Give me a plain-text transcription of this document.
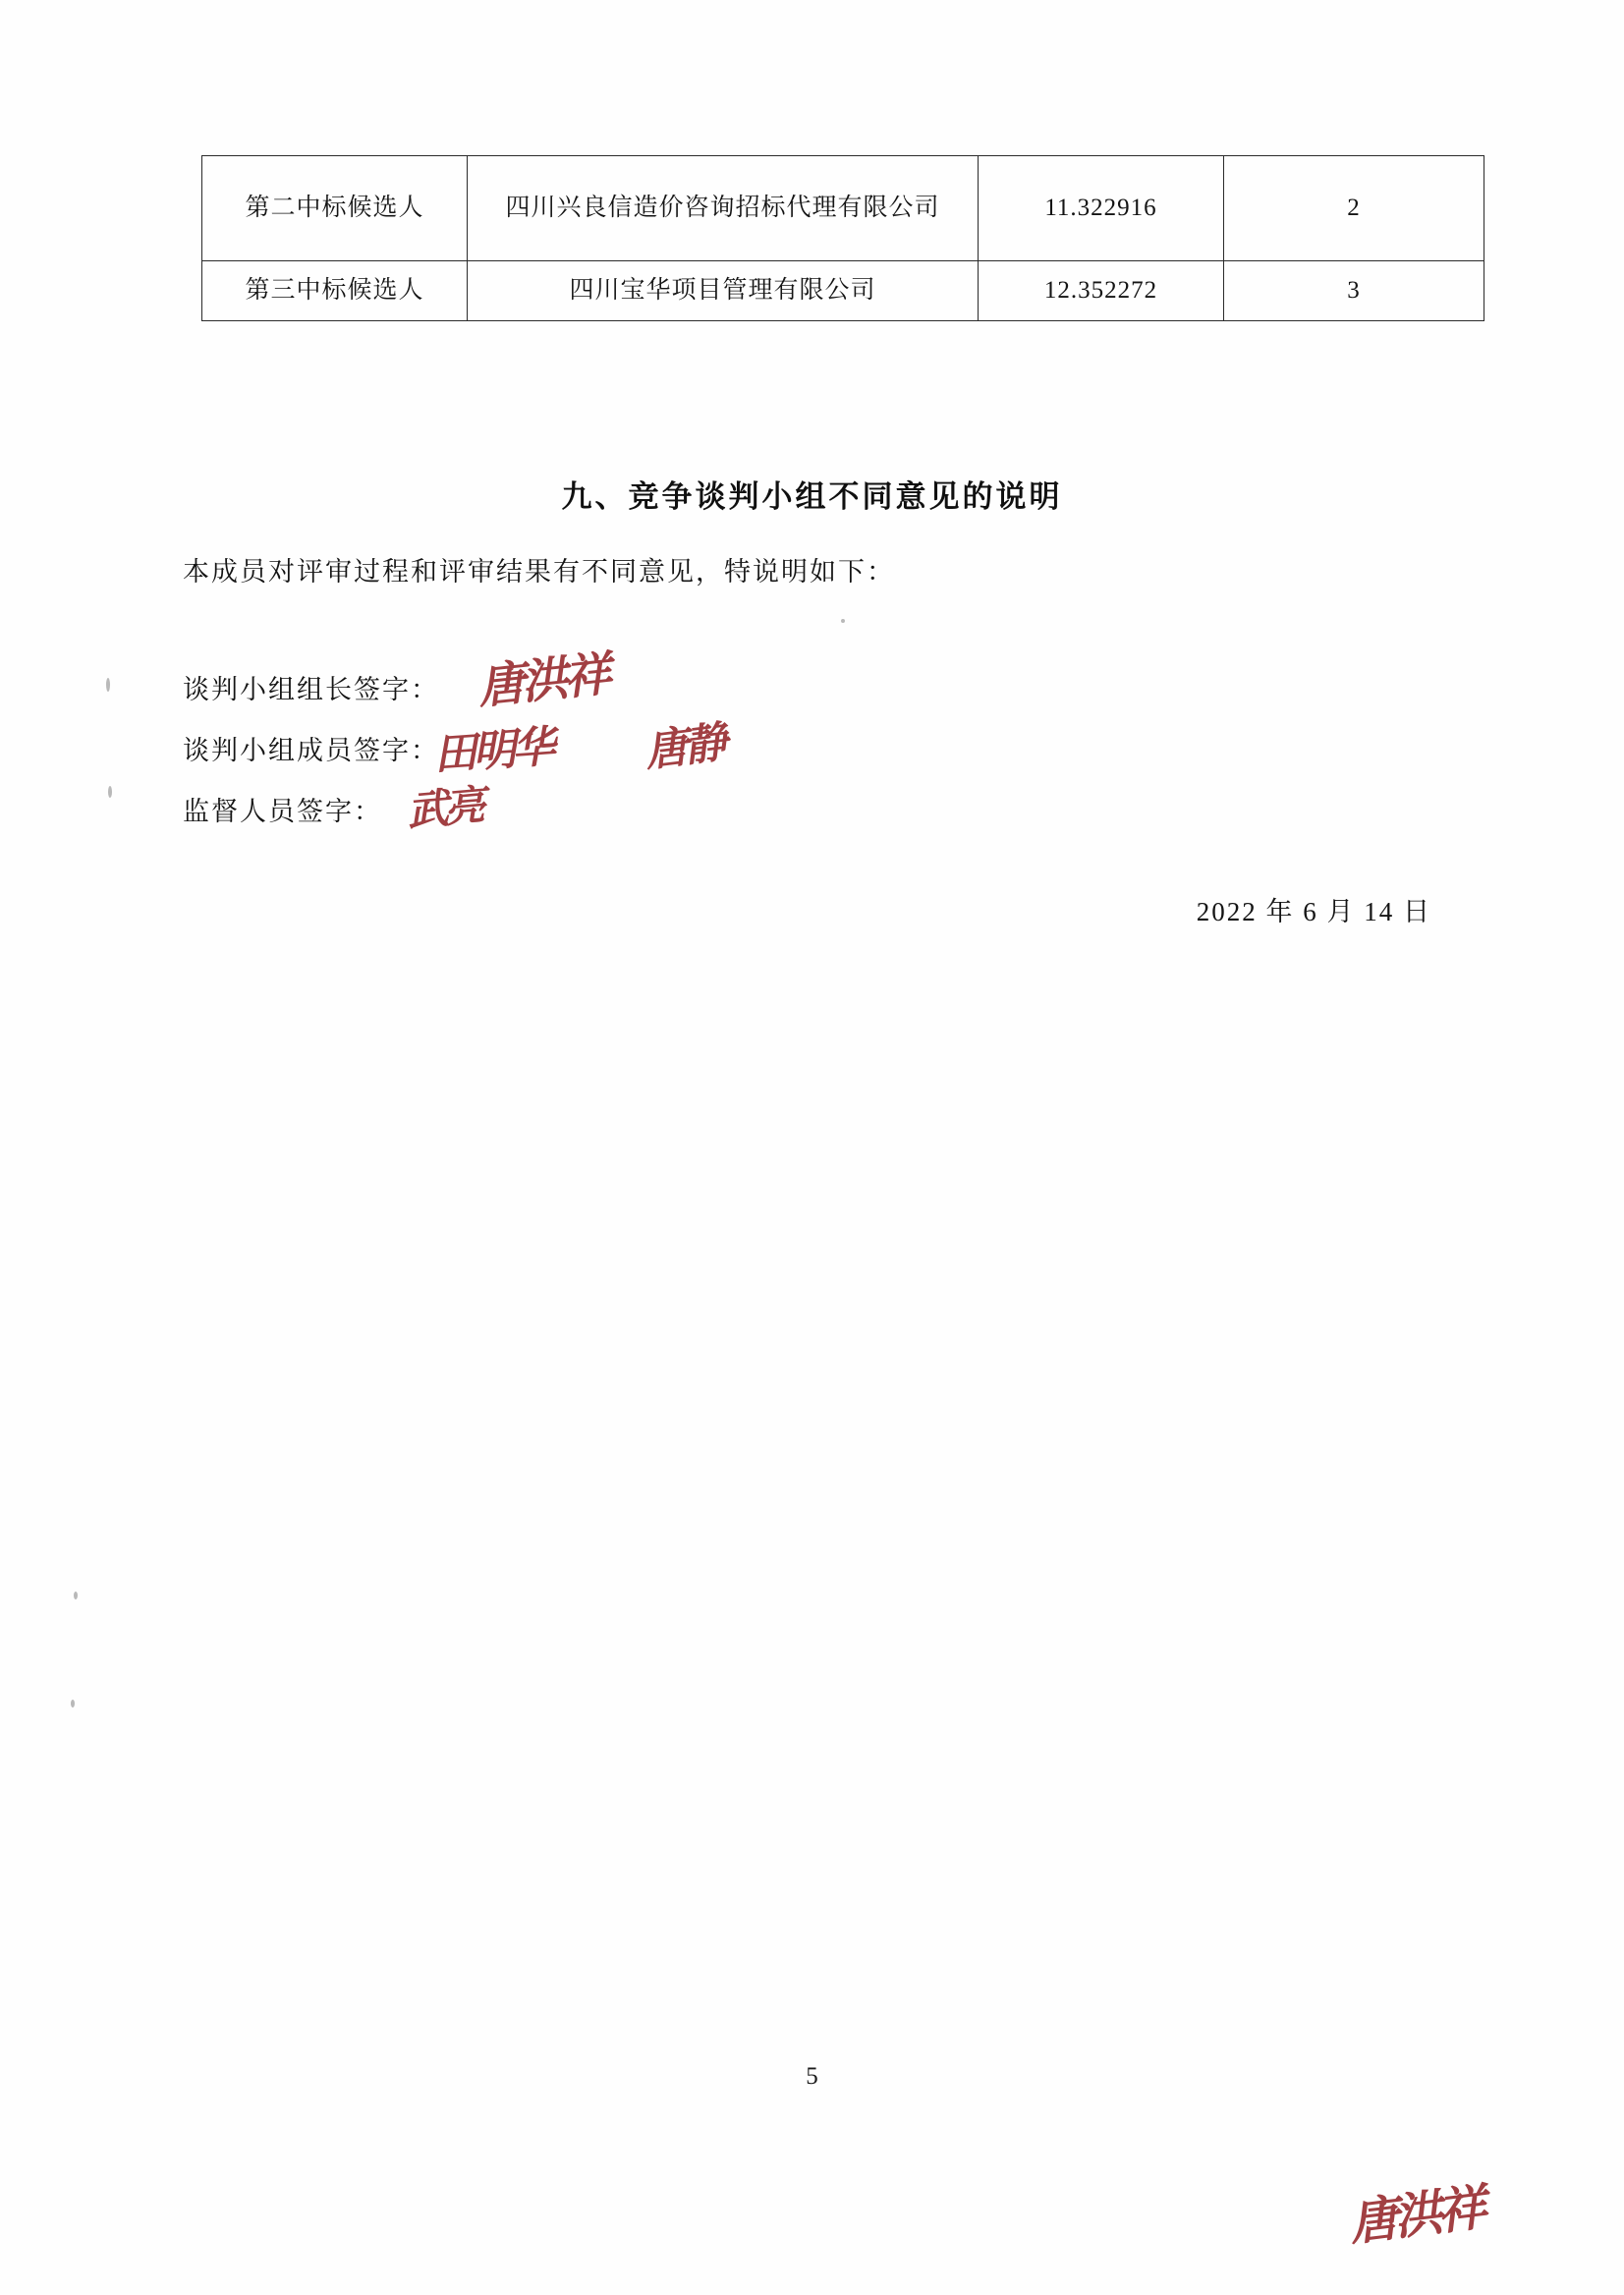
第二中标候选人	四川兴良信造价咨询招标代理有限公司	11.322916	2
第三中标候选人	四川宝华项目管理有限公司	12.352272	3
九、竞争谈判小组不同意见的说明
本成员对评审过程和评审结果有不同意见，特说明如下：
谈判小组组长签字： 唐洪祥
谈判小组成员签字：
田明华 唐静
监督人员签字： 武亮
2022 年 6 月 14 日
5
唐洪祥
